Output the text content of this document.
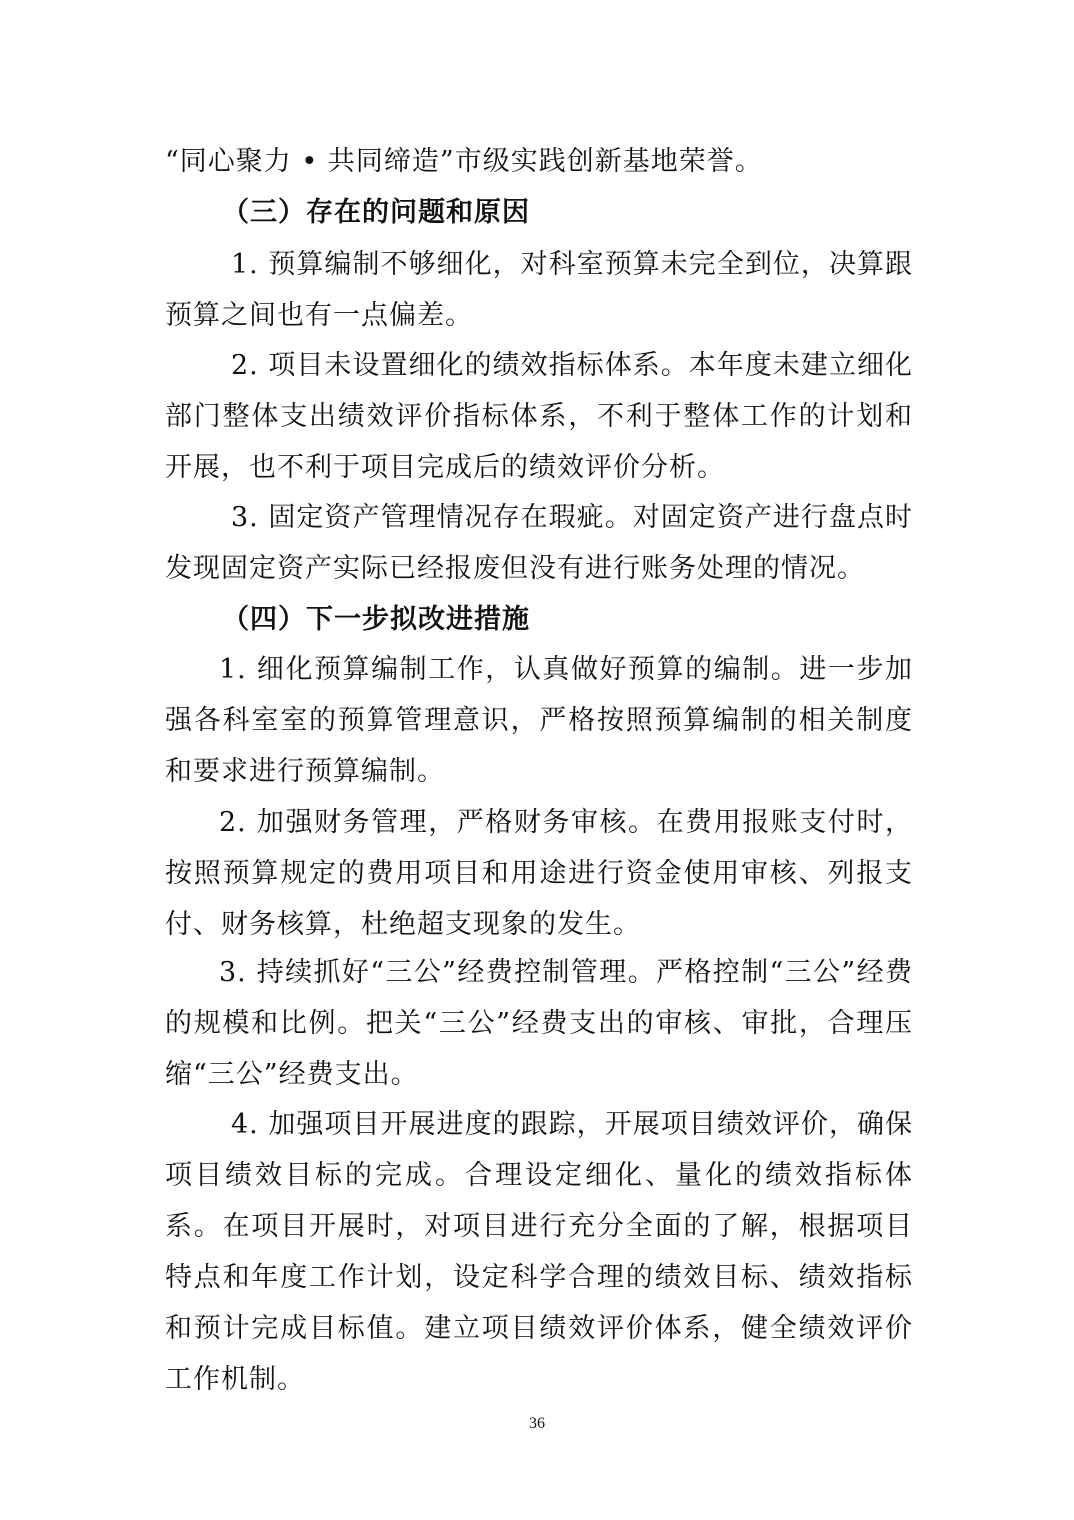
“同心聚力 • 共同缔造”市级实践创新基地荣誉。
（三）存在的问题和原因
1. 预算编制不够细化，对科室预算未完全到位，决算跟预算之间也有一点偏差。
2. 项目未设置细化的绩效指标体系。本年度未建立细化部门整体支出绩效评价指标体系，不利于整体工作的计划和开展，也不利于项目完成后的绩效评价分析。
3. 固定资产管理情况存在瑕疵。对固定资产进行盘点时发现固定资产实际已经报废但没有进行账务处理的情况。
（四）下一步拟改进措施
1. 细化预算编制工作，认真做好预算的编制。进一步加强各科室室的预算管理意识，严格按照预算编制的相关制度和要求进行预算编制。
2. 加强财务管理，严格财务审核。在费用报账支付时，按照预算规定的费用项目和用途进行资金使用审核、列报支付、财务核算，杜绝超支现象的发生。
3. 持续抓好“三公”经费控制管理。严格控制“三公”经费的规模和比例。把关“三公”经费支出的审核、审批，合理压缩“三公”经费支出。
4. 加强项目开展进度的跟踪，开展项目绩效评价，确保项目绩效目标的完成。合理设定细化、量化的绩效指标体系。在项目开展时，对项目进行充分全面的了解，根据项目特点和年度工作计划，设定科学合理的绩效目标、绩效指标和预计完成目标值。建立项目绩效评价体系，健全绩效评价工作机制。
36
